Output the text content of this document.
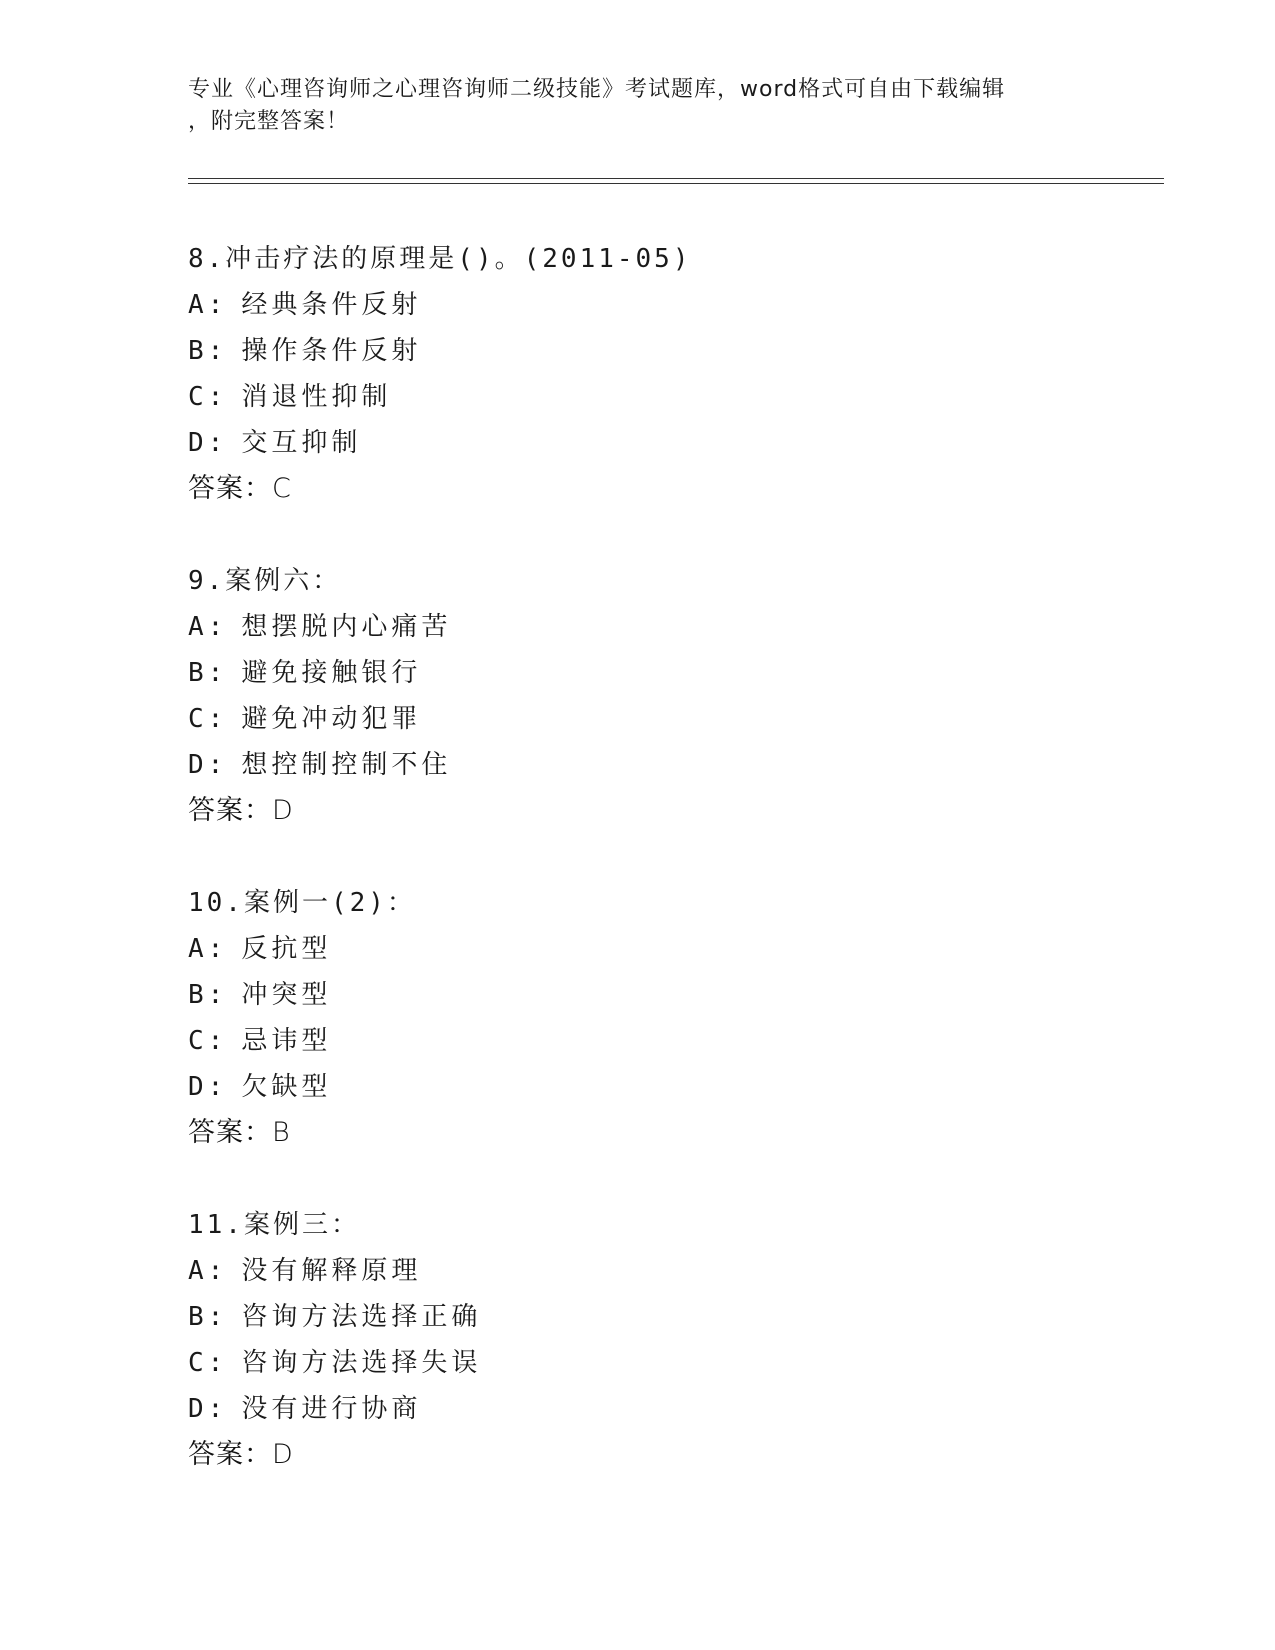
专业《心理咨询师之心理咨询师二级技能》考试题库，word格式可自由下载编辑
，附完整答案！
8.冲击疗法的原理是()。(2011-05)
A: 经典条件反射
B: 操作条件反射
C: 消退性抑制
D: 交互抑制
答案：C
9.案例六：
A: 想摆脱内心痛苦
B: 避免接触银行
C: 避免冲动犯罪
D: 想控制控制不住
答案：D
10.案例一(2)：
A: 反抗型
B: 冲突型
C: 忌讳型
D: 欠缺型
答案：B
11.案例三：
A: 没有解释原理
B: 咨询方法选择正确
C: 咨询方法选择失误
D: 没有进行协商
答案：D
